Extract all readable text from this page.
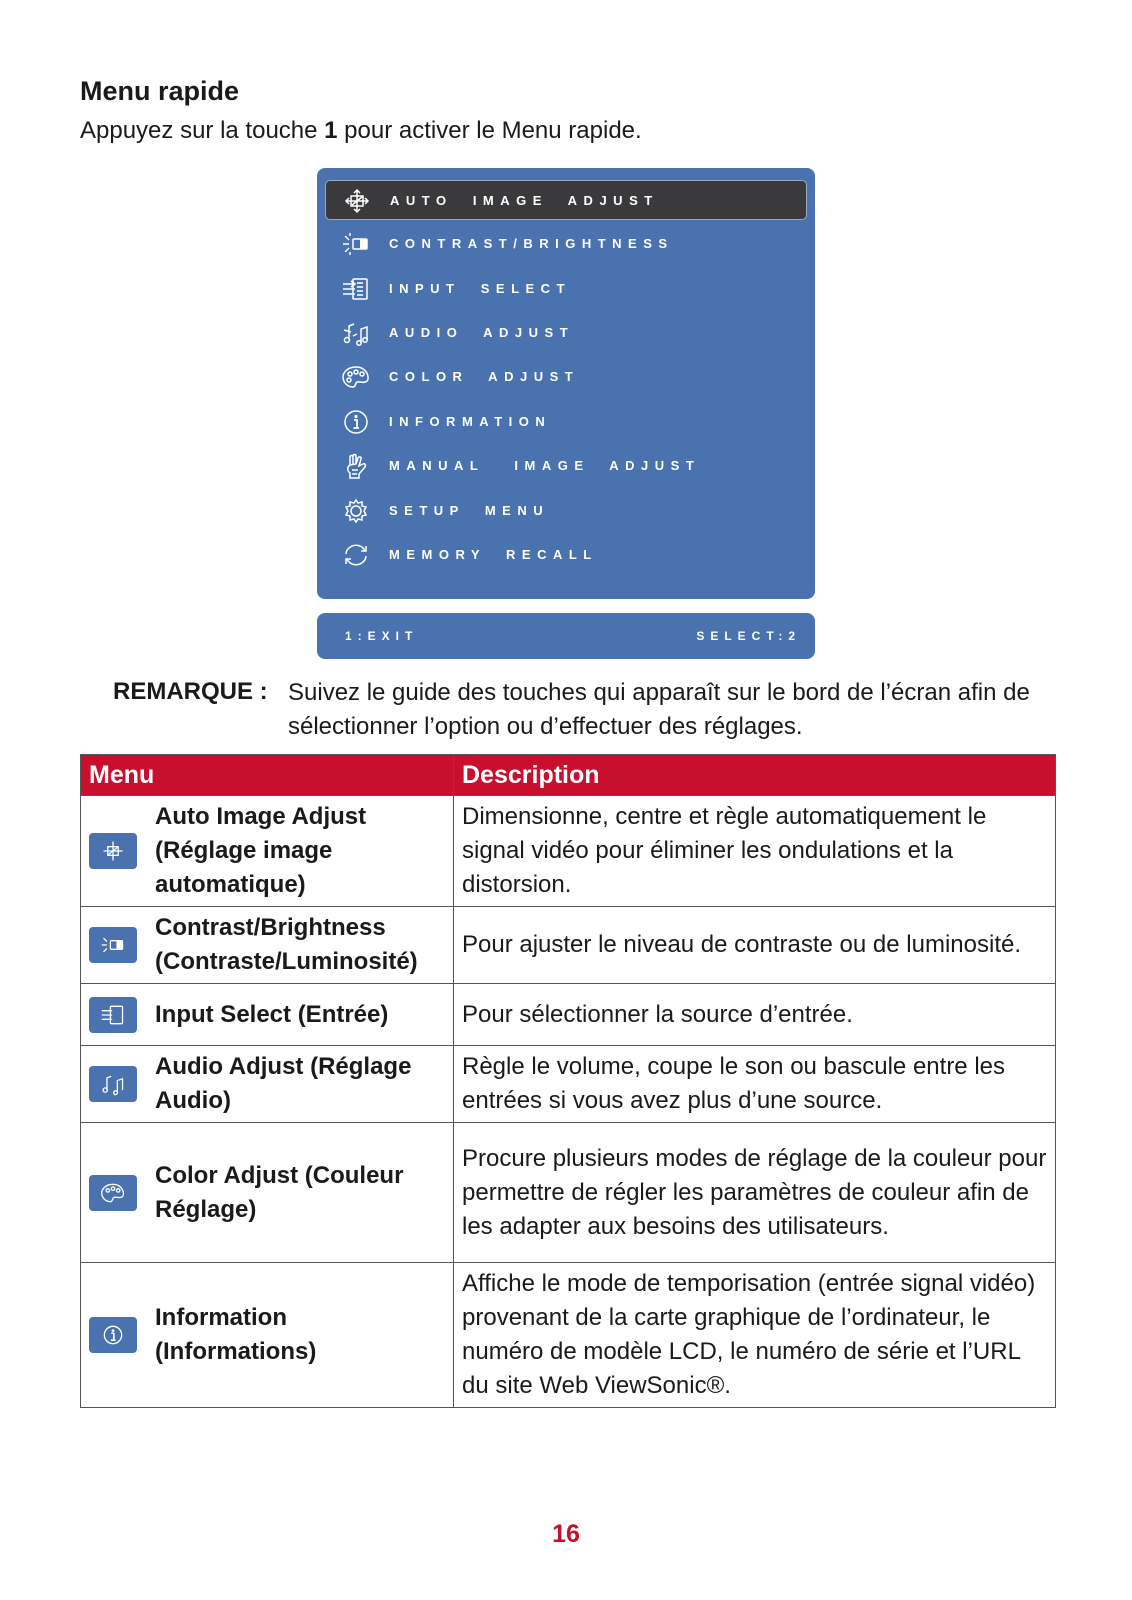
Menu rapide

Appuyez sur la touche 1 pour activer le Menu rapide.

AUTO  IMAGE  ADJUST
CONTRAST/BRIGHTNESS
INPUT  SELECT
AUDIO  ADJUST
COLOR  ADJUST
INFORMATION
MANUAL   IMAGE  ADJUST
SETUP  MENU
MEMORY  RECALL
1:EXIT	SELECT:2

REMARQUE : Suivez le guide des touches qui apparaît sur le bord de l’écran afin de sélectionner l’option ou d’effectuer des réglages.

Menu	Description

Auto Image Adjust (Réglage image automatique)	Dimensionne, centre et règle automatiquement le signal vidéo pour éliminer les ondulations et la distorsion.

Contrast/Brightness (Contraste/Luminosité)	Pour ajuster le niveau de contraste ou de luminosité.

Input Select (Entrée)	Pour sélectionner la source d’entrée.

Audio Adjust (Réglage Audio)	Règle le volume, coupe le son ou bascule entre les entrées si vous avez plus d’une source.

Color Adjust (Couleur Réglage)	Procure plusieurs modes de réglage de la couleur pour permettre de régler les paramètres de couleur afin de les adapter aux besoins des utilisateurs.

Information (Informations)	Affiche le mode de temporisation (entrée signal vidéo) provenant de la carte graphique de l’ordinateur, le numéro de modèle LCD, le numéro de série et l’URL du site Web ViewSonic®.
16
